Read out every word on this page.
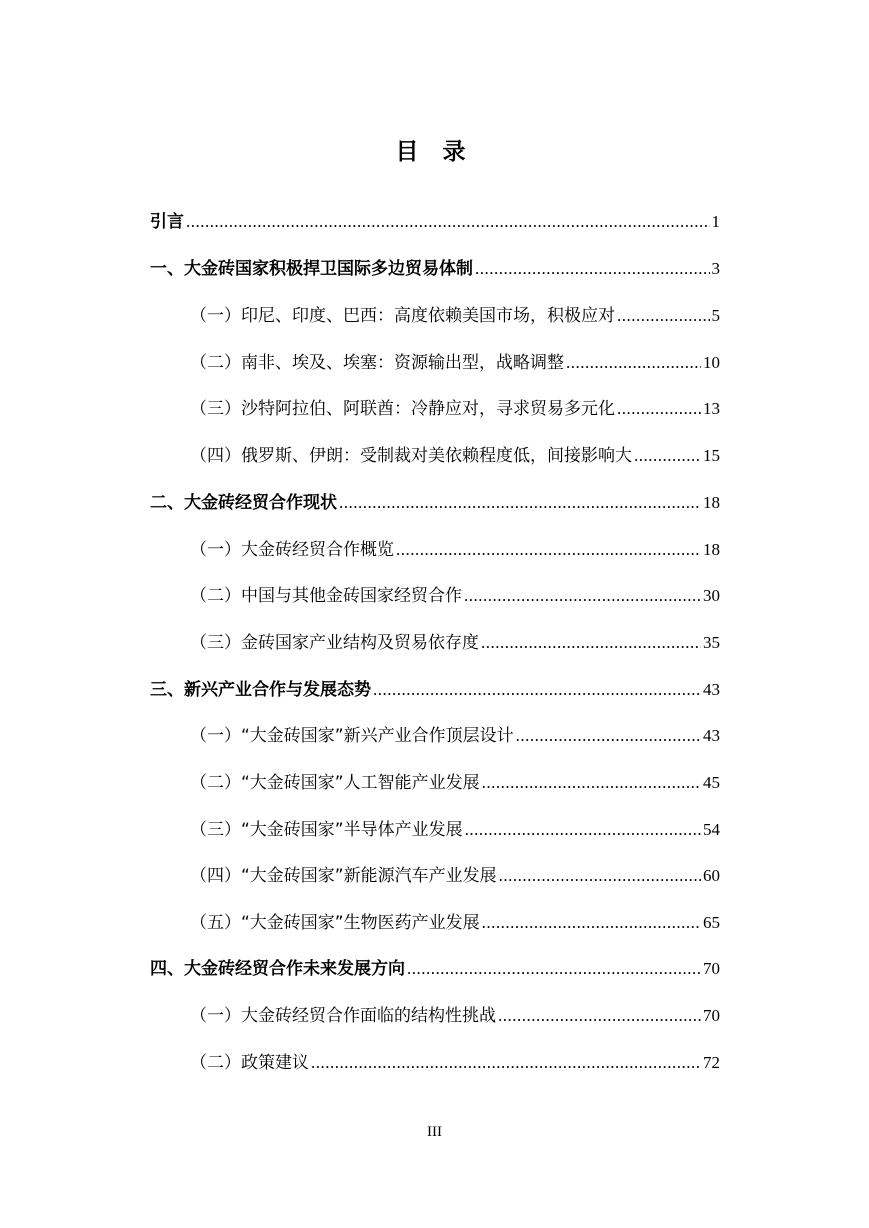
目 录
引言 .....	1
一、大金砖国家积极捍卫国际多边贸易体制 .....	3
（一）印尼、印度、巴西：高度依赖美国市场，积极应对 .....	5
（二）南非、埃及、埃塞：资源输出型，战略调整 .....	10
（三）沙特阿拉伯、阿联酋：冷静应对，寻求贸易多元化 .....	13
（四）俄罗斯、伊朗：受制裁对美依赖程度低，间接影响大 .....	15
二、大金砖经贸合作现状 .....	18
（一）大金砖经贸合作概览 .....	18
（二）中国与其他金砖国家经贸合作 .....	30
（三）金砖国家产业结构及贸易依存度 .....	35
三、新兴产业合作与发展态势 .....	43
（一）“大金砖国家”新兴产业合作顶层设计 .....	43
（二）“大金砖国家”人工智能产业发展 .....	45
（三）“大金砖国家”半导体产业发展 .....	54
（四）“大金砖国家”新能源汽车产业发展 .....	60
（五）“大金砖国家”生物医药产业发展 .....	65
四、大金砖经贸合作未来发展方向 .....	70
（一）大金砖经贸合作面临的结构性挑战 .....	70
（二）政策建议 .....	72
III
